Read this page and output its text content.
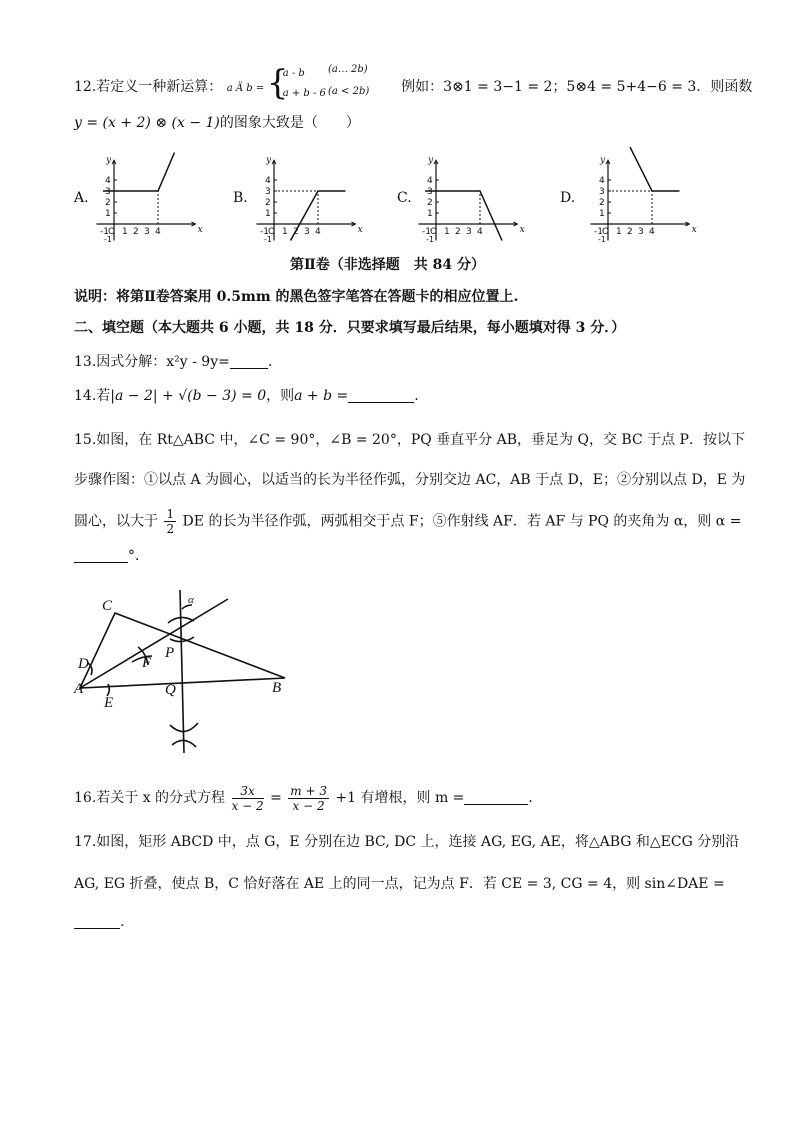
12.若定义一种新运算： a Ä b = {
a - b
a + b - 6

(a… 2b)
(a < 2b) 例如：3⊗1 = 3−1 = 2；5⊗4 = 5+4−6 = 3．则函数
y = (x + 2) ⊗ (x − 1)的图象大致是（　　）
A.	B.	C.	D.
4
3
2
1
-1 O 1 2 3 4
-1
x
y
4
3
2
1
-1 O 1 2 3 4
-1
x
y
4
3
2
1
-1 O 1 2 3 4
-1
x
y
4
3
2
1
-1 O 1 2 3 4
-1
x
y
第Ⅱ卷（非选择题　共 84 分）
说明：将第Ⅱ卷答案用 0.5mm 的黑色签字笔答在答题卡的相应位置上.
二、填空题（本大题共 6 小题，共 18 分．只要求填写最后结果，每小题填对得 3 分．）
13.因式分解：x²y - 9y=	.
14.若|a − 2| + √(b − 3) = 0，则a + b =	.
15.如图，在 Rt△ABC 中，∠C = 90°，∠B = 20°，PQ 垂直平分 AB，垂足为 Q，交 BC 于点 P．按以下
步骤作图：①以点 A 为圆心，以适当的长为半径作弧，分别交边 AC，AB 于点 D，E；②分别以点 D，E 为
圆心，以大于 $\frac{1}{2}$ DE 的长为半径作弧，两弧相交于点 F；⑤作射线 AF．若 AF 与 PQ 的夹角为 α，则 α =
°．
C
D
A
E
F
P
Q	B
α
16.若关于 x 的分式方程 $\frac{3x}{x - 2} = \frac{m + 3}{x - 2} +1$ 有增根，则 m =	.
17.如图，矩形 ABCD 中，点 G，E 分别在边 BC, DC 上，连接 AG, EG, AE，将△ABG 和△ECG 分别沿
AG, EG 折叠，使点 B，C 恰好落在 AE 上的同一点，记为点 F．若 CE = 3, CG = 4，则 sin∠DAE =
.
